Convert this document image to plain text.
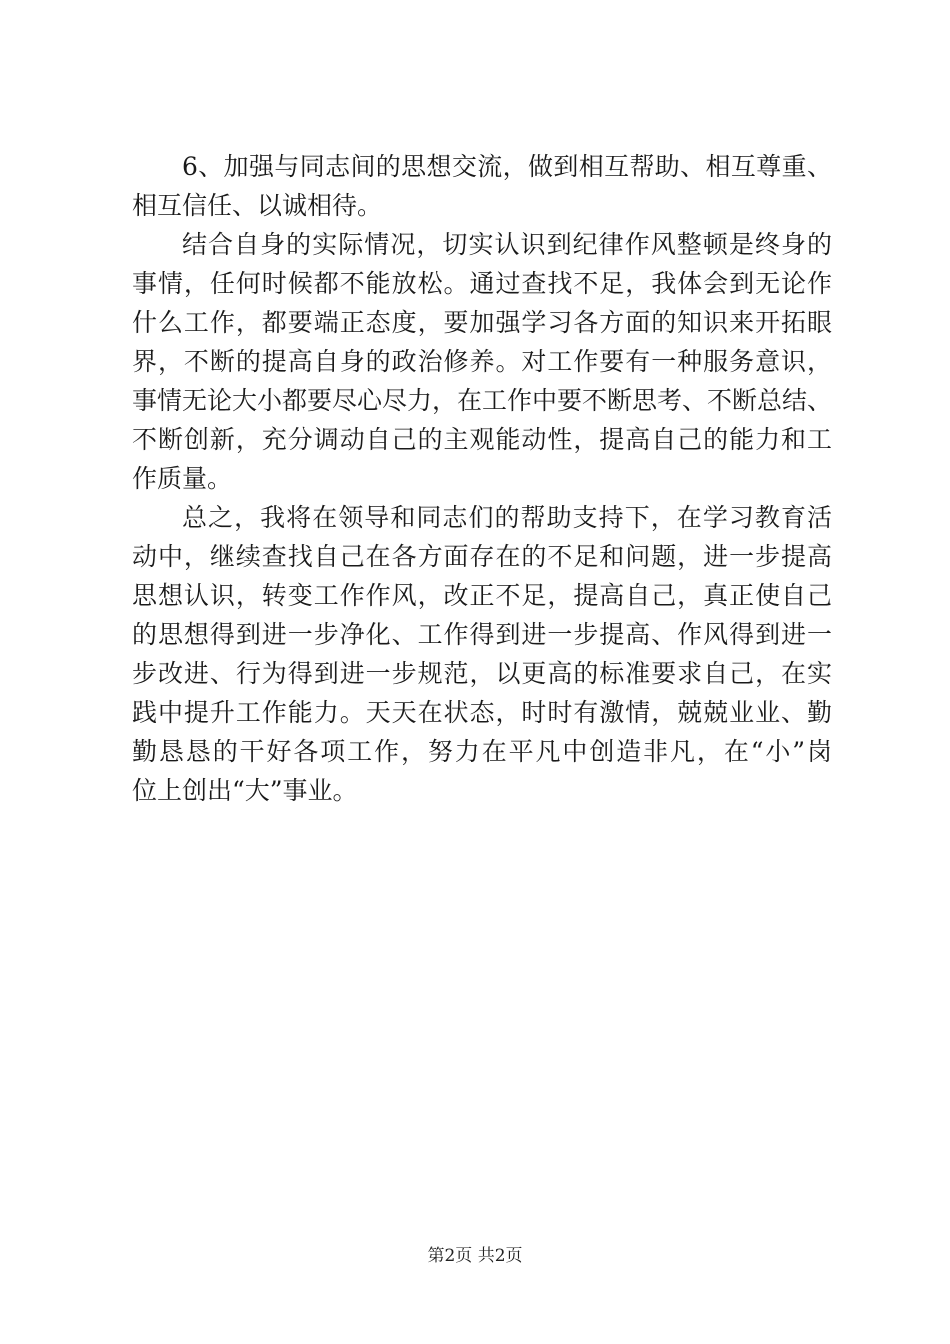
6、加强与同志间的思想交流，做到相互帮助、相互尊重、
相互信任、以诚相待。
结合自身的实际情况，切实认识到纪律作风整顿是终身的
事情，任何时候都不能放松。通过查找不足，我体会到无论作
什么工作，都要端正态度，要加强学习各方面的知识来开拓眼
界，不断的提高自身的政治修养。对工作要有一种服务意识，
事情无论大小都要尽心尽力，在工作中要不断思考、不断总结、
不断创新，充分调动自己的主观能动性，提高自己的能力和工
作质量。
总之，我将在领导和同志们的帮助支持下，在学习教育活
动中，继续查找自己在各方面存在的不足和问题，进一步提高
思想认识，转变工作作风，改正不足，提高自己，真正使自己
的思想得到进一步净化、工作得到进一步提高、作风得到进一
步改进、行为得到进一步规范，以更高的标准要求自己，在实
践中提升工作能力。天天在状态，时时有激情，兢兢业业、勤
勤恳恳的干好各项工作，努力在平凡中创造非凡，在“小”岗
位上创出“大”事业。
第2页 共2页
